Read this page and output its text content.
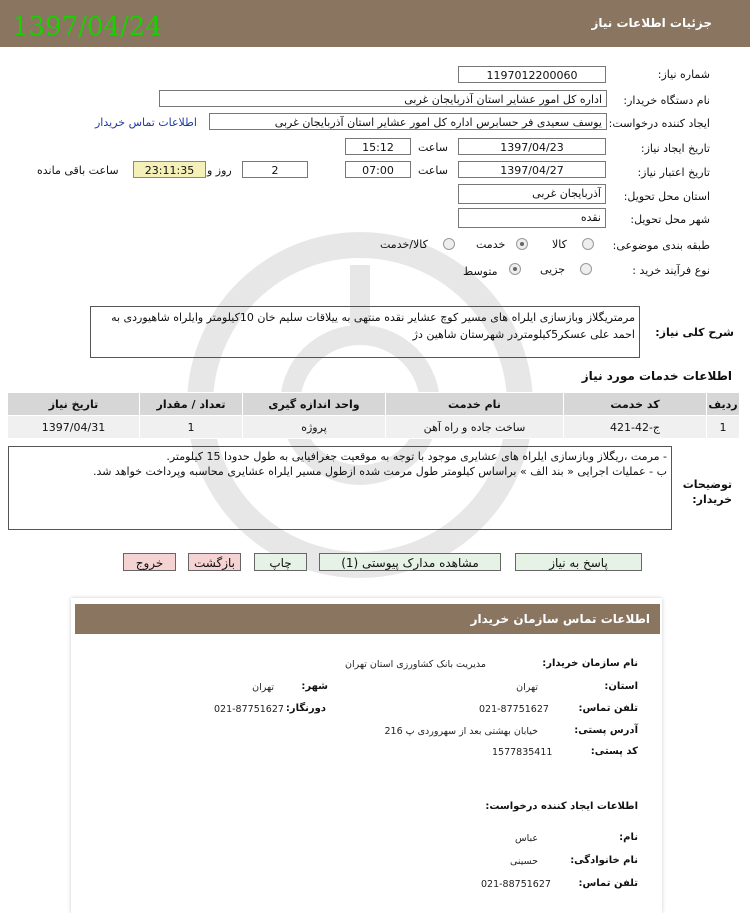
جزئیات اطلاعات نیاز
1397/04/24
شماره نیاز:
1197012200060
نام دستگاه خریدار:
اداره کل امور عشایر استان آذربایجان غربی
ایجاد کننده درخواست:
یوسف سعیدی فر حسابرس اداره کل امور عشایر استان آذربایجان غربی
اطلاعات تماس خریدار
تاریخ ایجاد نیاز:
1397/04/23
ساعت
15:12
تاریخ اعتبار نیاز:
1397/04/27
ساعت
07:00
2
روز و
23:11:35
ساعت باقی مانده
استان محل تحویل:
آذربایجان غربی
شهر محل تحویل:
نقده
طبقه بندی موضوعی:
کالا
خدمت
کالا/خدمت
نوع فرآیند خرید :
جزیی
متوسط
شرح کلی نیاز:
مرمتریگلاز وبازسازی ایلراه های مسیر کوچ عشایر نقده منتهی به ییلاقات سلیم خان 10کیلومتر وایلراه شاهیوردی به احمد علی عسکر5کیلومتردر شهرستان شاهین دژ
اطلاعات خدمات مورد نیاز
ردیف	کد خدمت	نام خدمت	واحد اندازه گیری	تعداد / مقدار	تاریخ نیاز
1	ج-42-421	ساخت جاده و راه آهن	پروژه	1	1397/04/31
توضیحات خریدار:
- مرمت ،ریگلاز وبازسازی ایلراه های عشایری موجود با توجه به موقعیت جغرافیایی به طول حدودا 15 کیلومتر.
ب - عملیات اجرایی « بند الف » براساس کیلومتر طول مرمت شده ازطول مسیر ایلراه عشایری محاسبه وپرداخت خواهد شد.
پاسخ به نیاز
مشاهده مدارک پیوستی (1)
چاپ
بازگشت
خروج
اطلاعات تماس سازمان خریدار
نام سازمان خریدار:
مدیریت بانک کشاورزی استان تهران
استان:
تهران
شهر:
تهران
تلفن تماس:
021-87751627
دورنگار:
021-87751627
آدرس پستی:
خیابان بهشتی بعد از سهروردی پ 216
کد پستی:
1577835411
اطلاعات ایجاد کننده درخواست:
نام:
عباس
نام خانوادگی:
حسینی
تلفن تماس:
021-88751627
